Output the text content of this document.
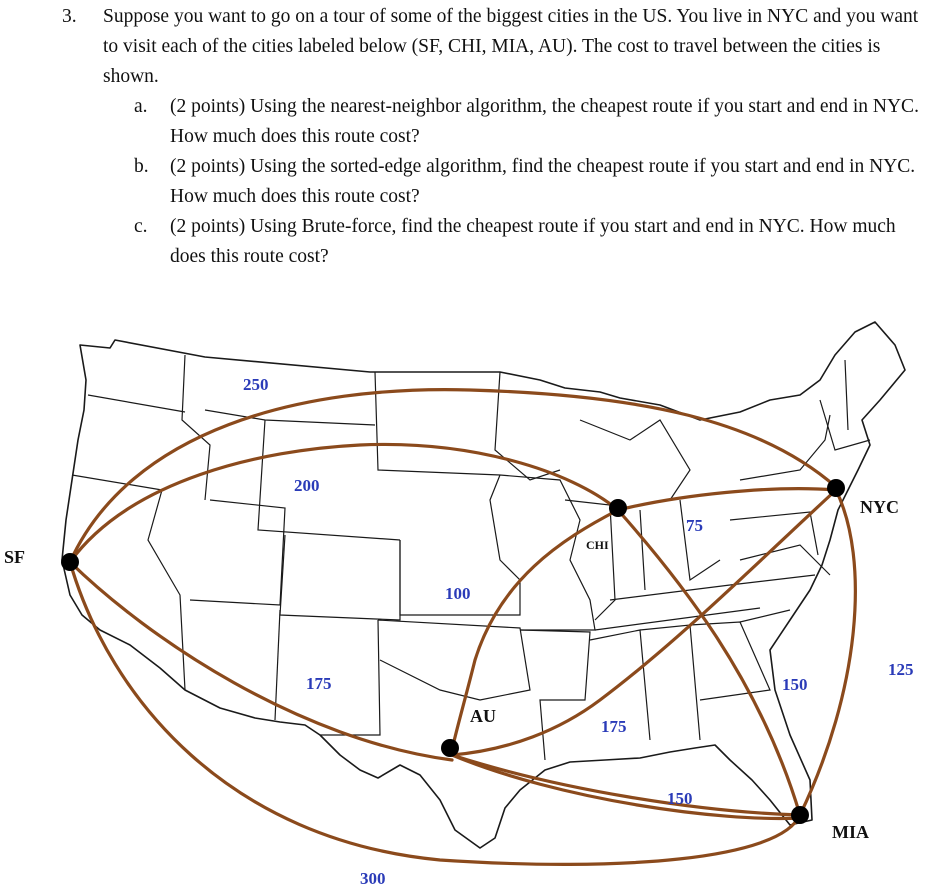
3. Suppose you want to go on a tour of some of the biggest cities in the US. You live in NYC and you want to visit each of the cities labeled below (SF, CHI, MIA, AU). The cost to travel between the cities is shown.
a. (2 points) Using the nearest-neighbor algorithm, the cheapest route if you start and end in NYC. How much does this route cost?
b. (2 points) Using the sorted-edge algorithm, find the cheapest route if you start and end in NYC. How much does this route cost?
c. (2 points) Using Brute-force, find the cheapest route if you start and end in NYC. How much does this route cost?
SF
NYC
CHI
AU
MIA
250
200
100
175
300
75
175
150
125
150
